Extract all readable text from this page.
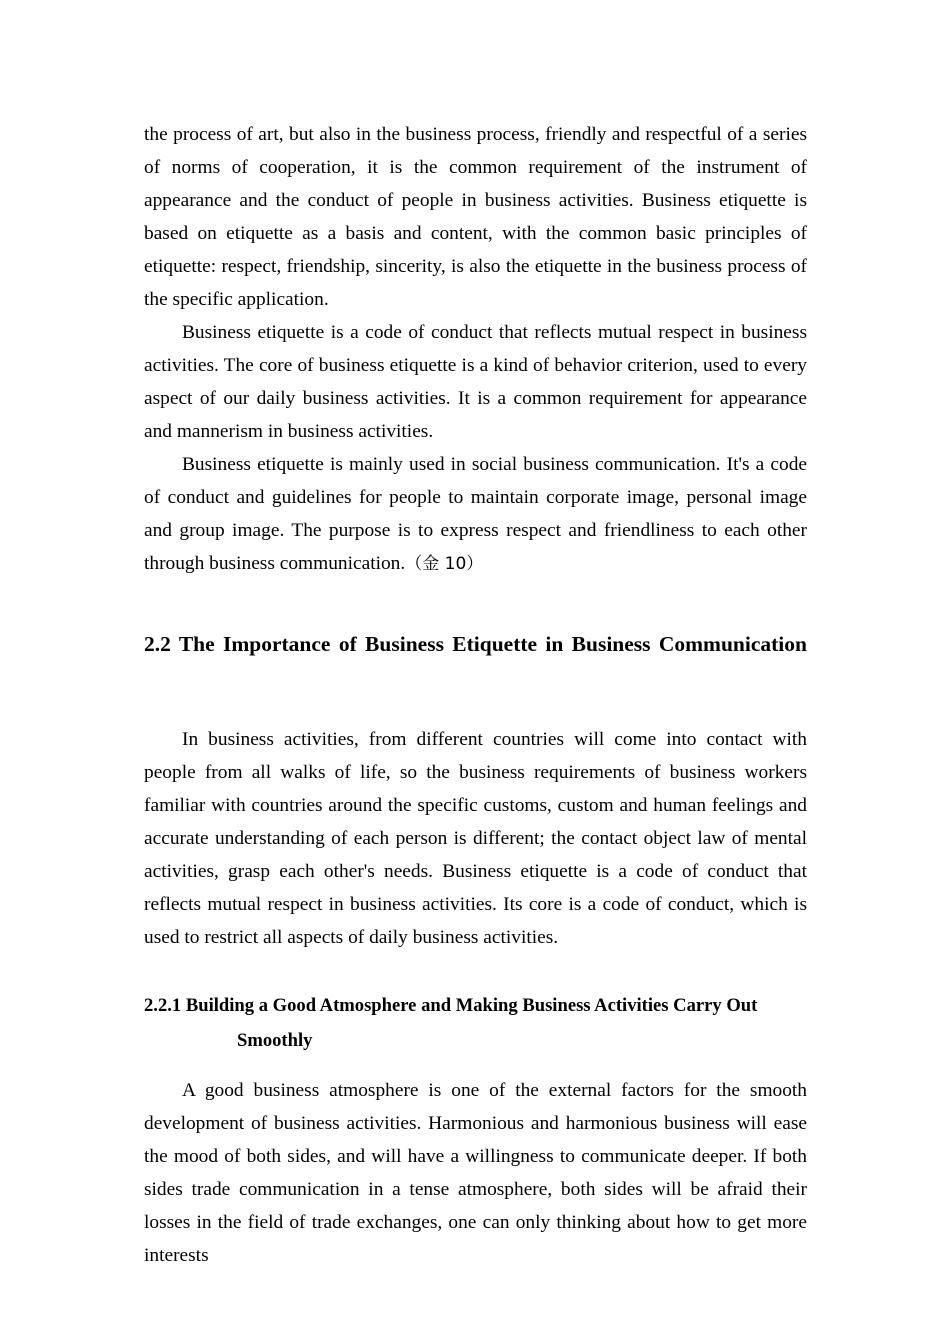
the process of art, but also in the business process, friendly and respectful of a series of norms of cooperation, it is the common requirement of the instrument of appearance and the conduct of people in business activities. Business etiquette is based on etiquette as a basis and content, with the common basic principles of etiquette: respect, friendship, sincerity, is also the etiquette in the business process of the specific application.

Business etiquette is a code of conduct that reflects mutual respect in business activities. The core of business etiquette is a kind of behavior criterion, used to every aspect of our daily business activities. It is a common requirement for appearance and mannerism in business activities.

Business etiquette is mainly used in social business communication. It's a code of conduct and guidelines for people to maintain corporate image, personal image and group image. The purpose is to express respect and friendliness to each other through business communication.（金 10）

2.2 The Importance of Business Etiquette in Business Communication

In business activities, from different countries will come into contact with people from all walks of life, so the business requirements of business workers familiar with countries around the specific customs, custom and human feelings and accurate understanding of each person is different; the contact object law of mental activities, grasp each other's needs. Business etiquette is a code of conduct that reflects mutual respect in business activities. Its core is a code of conduct, which is used to restrict all aspects of daily business activities.

2.2.1 Building a Good Atmosphere and Making Business Activities Carry Out
Smoothly

A good business atmosphere is one of the external factors for the smooth development of business activities. Harmonious and harmonious business will ease the mood of both sides, and will have a willingness to communicate deeper. If both sides trade communication in a tense atmosphere, both sides will be afraid their losses in the field of trade exchanges, one can only thinking about how to get more interests
